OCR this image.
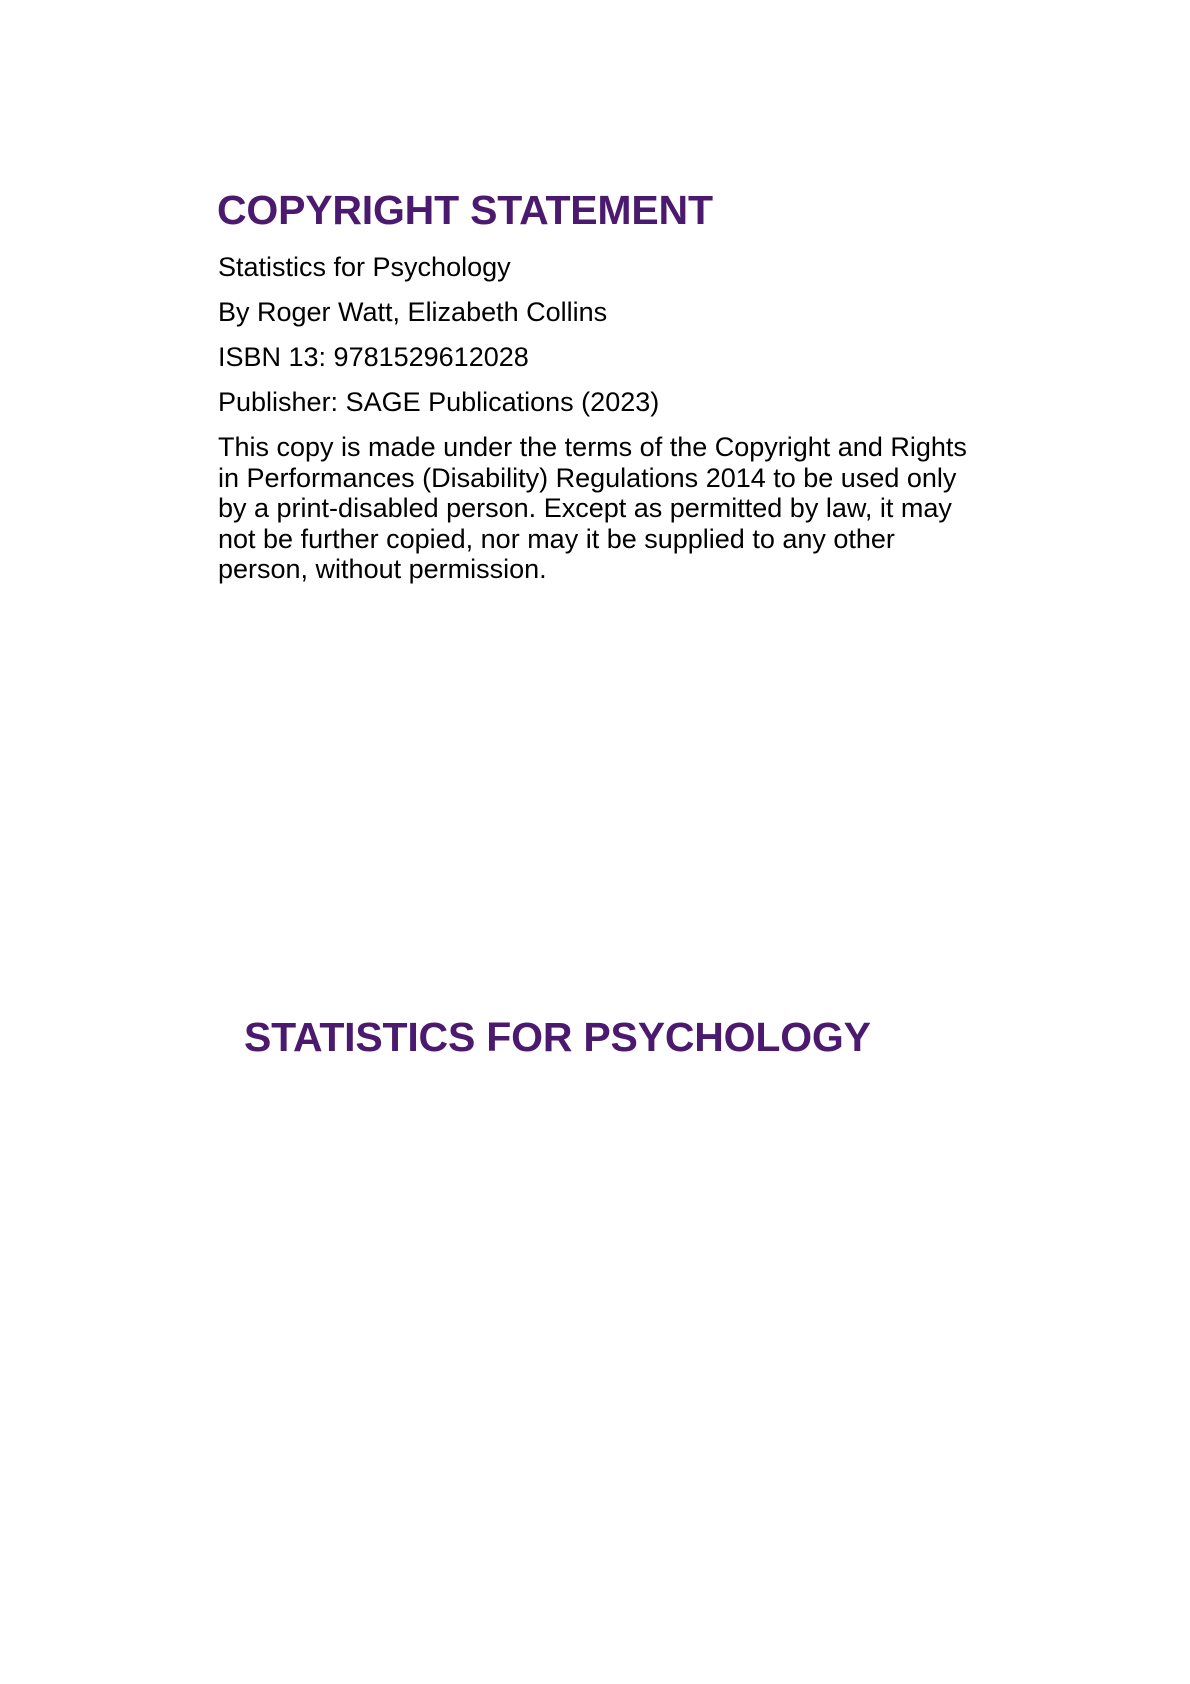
COPYRIGHT STATEMENT

Statistics for Psychology

By Roger Watt, Elizabeth Collins

ISBN 13: 9781529612028

Publisher: SAGE Publications (2023)

This copy is made under the terms of the Copyright and Rights in Performances (Disability) Regulations 2014 to be used only by a print-disabled person. Except as permitted by law, it may not be further copied, nor may it be supplied to any other person, without permission.

STATISTICS FOR PSYCHOLOGY
